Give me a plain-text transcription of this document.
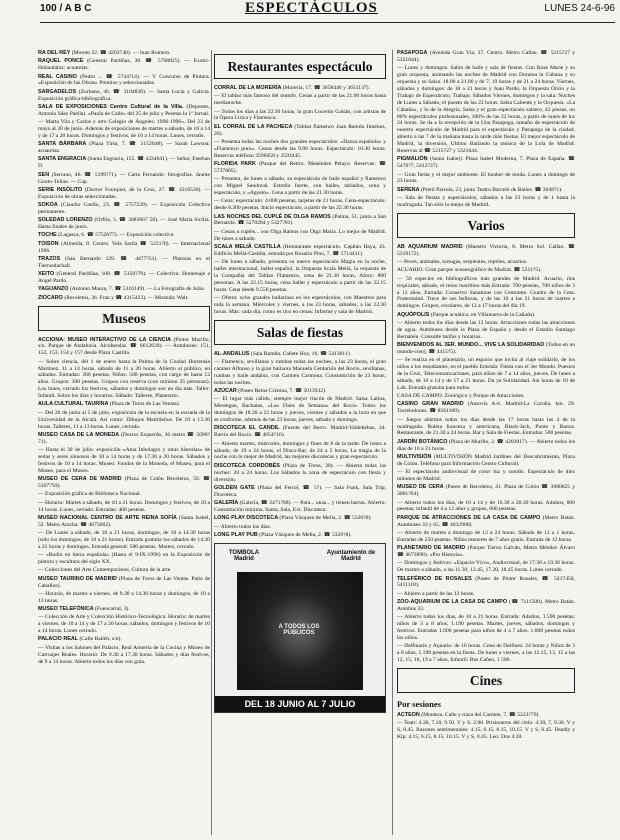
100 / A B C	ESPECTÁCULOS	LUNES 24-6-96

RA DEL REY (Moreto 22. ☎ 4203740). — Juan Romero.

RAQUEL PONCE (General Pardiñas, 30. ☎ 5768825). — Exotic-Holandaluz: acuarelas.

REAL CASINO (Pedro ... ☎ 5744?14). — V Concurso de Pintura. «Exposición de las Obras» Premios y seleccionadas.

SARGADELOS (Zurbano, 46. ☎ 3104830). — Santa Lucía y Galicia. Exposición gráfica-bibliográfica.

SALA DE EXPOSICIONES Centro Cultural de la Villa. (Deportes, Antonio Sáez Paella). «Paula de Calle» del 25 de julio y Pesetas la 1ª Jornal.

— Marta Vila y Carlos y otro Colegio de Ángeles: 1996-1996». Del 23 de mayo al 30 de junio. Además de exposiciones de martes a sábado, de 10 a 14 y de 17 a 20 horas. Domingos y festivos, de 10 a 14 horas. Lunes, cerrado.

SANTA BÁRBARA (Plaza Tirsa, 7. ☎ 3152048). — Sarah Lawson: acuarelas.

SANTA ENGRACIA (Santa Engracia, 155. ☎ 4334041). — Señor, Esteban D.

SEN (Serrano, 46. ☎ 5199?71). — Carta Fernando: fotografías. Jaume Gonto-Tellan. — Cap.

SERIE INSÓLITO (Doctor Fourquet, de la Cruz, 27. ☎ 4310520). — Exposición de obras seleccionadas.

SOKOA (Claudio Coello, 23. ☎ 5757239). — Exposición Colectiva permanente.

SOLEDAD LORENZO (Orfila, 5. ☎ 3083667 58). — José María Sicilia. Hasta finales de junio.

TOCHE (Lagasca, 6. ☎ 5752077). — Exposición colectiva.

TOISON (Almeida, 8. Centro. Vela Sarila ☎ 5231?0). — Internacional 1996.

TRAZOS (San Bernardo 129. ☎ 4477?51). — Pinturas en el Tierrasdachall.

XEITO (General Pardiñas, 108. ☎ 5150?70). — Colectiva: Homenaje a Angel Pardo.

YAGUANZO (Antonio Maura, 7. ☎ 5316149). — La Fotografía de Julio.

ZIOCARO (Recoletos, 36. Fran y ☎ 4315423). — Miranda; Walt.

Museos

ACCIONA: MUSEO INTERACTIVO DE LA CIENCIA (Pintor Murillo, s/n. Parque de Andalucía. Alcobendas. ☎ 6612639). — Autobuses: 151, 152, 153, 154 y 157 desde Plaza Castilla.

— Sobre ciencia, del 1 de enero hasta la Palma de la Ciudad Hortensia Martínez. 11 a 14 horas, sábado de 11 a 20 horas. Abierto al público, en sábados. Entradas: 300 pesetas. Niños: 500 pesetas, con cargo de hasta 12 años. Grupos: 300 pesetas. Grupos con reserva (con mínimo 25 personas). Los lunes, cerrado los festivos, sábados y domingos son un día más. Taller: Infantil. Sobre los días y horarios. Sábado: Talleres, Planetario.

AULA CULTURAL TAURINA (Plaza de Toros de Las Ventas).

— Del 20 de junio al 5 de julio, exposición de la escuela en la escuela de la Universidad de la Alcalá. Así como: Dibujos Madrileños. De 10 a 13.30 horas. Talleres, 11 a 13 horas. Lunes, cerrado.

MUSEO CASA DE LA MONEDA (Doctor Esquerdo, 36 metro ☎ 5096?71).

— Hasta el 30 de julio: exposición «Ama Inbolagro y otras historias» de sedas y seres sinuosos de 10 a 14 horas y de 17.30 a 20 horas. Sábados y festivos de 10 a 14 horas. Museo: Fondos de la Moneda, el Museo, para el Museo, para el Museo.

MUSEO DE CERA DE MADRID (Plaza de Colón Recoletos, 50. ☎ 5107793).

— Exposición gráfica de Biblioteca Nacional.

— Horario: Martes a sábado, de 10 a 21 horas. Domingos y festivos, de 10 a 14 horas. Lunes, cerrado. Entradas: 400 pesetas.

MUSEO NACIONAL CENTRO DE ARTE REINA SOFÍA (Santa Isabel, 52. Metro Atocha. ☎ 4675062).

— De Lunes a sábado, de 10 a 21 horas, domingos, de 10 a 14.30 horas (sólo los domingos, de 10 a 21 horas). Entrada gratuita los sábados de 14.30 a 21 horas y domingos. Entrada general: 500 pesetas. Martes, cerrado.

— «Rodin en tierra española» (Hasta el 9-IX-1996) en la Exposición de pintura y escultura del siglo XX.

— Colecciones del Arte Contemporáneo, Cultura de la arte.

MUSEO TAURINO DE MADRID (Plaza de Toros de Las Ventas. Patio de Caballos).

— Horario, de martes a viernes, de 9.30 a 14.30 horas y domingos, de 10 a 13 horas.

MUSEO TELEFÓNICA (Fuencarral, 3).

— Colección de Arte y Colección Histórico-Tecnológica. Horario: de martes a viernes, de 10 a 14 y de 17 a 20 horas; sábados, domingos y festivos de 10 a 14 horas. Lunes cerrado.

PALACIO REAL (Calle Bailén, s/n).

— Visitas a los Salones del Palacio, Real Armería de la Cocina y Museo de Carruajes Reales. Horario: De 9.30 a 17.30 horas. Sábados y días festivos, de 9 a 14 horas. Abierto todos los días con guía.

Restaurantes espectáculo

CORRAL DE LA MORERÍA (Morería, 17. ☎ 3658446 y 3651137).

— El tablao más famoso del mundo. Cenas a partir de las 21.00 horas hasta medianoche.

— Todos los días a las 22.30 horas, la gran Lucerito Gaitán, con artistas de la Ópera Lírica y Flamenca.

EL CORRAL DE LA PACHECA (Tablao flamenco Juan Ramón Jiménez, 26).

— Presenta todas las noches dos grandes espectáculos: «Danza española» y «Flamenco puro». Cenas desde las 9.00 horas. Espectáculo: 10.30 horas. Reservas teléfono 3590458 y 3593445.

FLORIDA PARK (Parque del Retiro. Menéndez Pelayo. Reservas: ☎ 5737805).

— Presenta, de lunes a sábado, su espectáculo de baile español y flamenco con Miguel Sandoval. Estrella fuerte, con bailes, tablados, cena y espectáculo, y «Agosto». Cena a partir de las 21.30 horas.

— Cena: espectáculo: 4.000 pesetas, tarjetas de 21 horas. Cena-espectáculo: desde 8.300 pesetas. Inicio espectáculo, a partir de las 22.30 horas.

LAS NOCHES DEL CUPLÉ DE OLGA RAMOS (Palma, 51, junto a San Bernardo. ☎ 5270284 y 5327?81).

— Cenas a cuplés... con Olga Ramos con Olga María. Lo mejor de Madrid. De lunes a sábado.

SCALA MELIÁ CASTILLA (Restaurante espectáculo. Capitán Haya, 43. Edificio Meliá-Castilla, entrada por Rosario Pino, 7. ☎ 5714411).

— De lunes a sábado, presenta su nuevo espectáculo Magia en la noche, ballet internacional, ballet español, la Orquesta Scala Meliá, la orquesta de la Compañía del Tablao Flamenco, cena de 21.30 horas, Aforo: 800 personas. A las 22.15 horas, cena ballet y espectáculo a partir de las 22.15 horas. Cena desde 9.550 pesetas.

— Oferta: ocho grandes bailarinas en los espectáculos, con Maestros para toda la semana. Miércoles y viernes, a las 23 horas, sábados, a las 22.30 horas. Más: cada día, como es rico en cenas: Informe y sala de Madrid.

Salas de fiestas

AL-ANDALUS (Sala Rumba. Cañete Hoy, 16, ☎ 5413011).

— Flamenco, sevillanas y rumbas todas las noches, a las 23 horas, el gran cantaor Alfonso y la gran bailaora Manuela Centurión del Rocío, sevillanas, rumbas y baile andaluz, con Carmen Carmona. Consumición de 23 horas, todas las noches.

AZÚCAR (Paseo Reina Cristina, 7. ☎ 5013932).

— El lugar más cálido, siempre mejor rincón de Madrid. Salsa Latina, Merengue, Bachatas, «Los Fines de Semana» del Rocío. Todos los domingos de 18.30 a 22 horas y jueves, viernes y sábados a la hora en que se conforme, además de las 23 horas, jueves, sábado y domingo.

DISCOTECA EL CANDIL (Fuente del Berro. Madrid-Valdebebas, 24. Barrio del Rocío. ☎ 4054?16).

— Abierto martes, miércoles, domingos y fines de 8 de la tarde. De lunes a sábado, de 19 a 24 horas, el Disco-Bar, de 24 a 5 horas, La magia de la noche con lo mejor de Madrid, las mejores discotecas y gran espectáculo.

DISCOTECA CORDOBÉS (Plaza de Toros, 30). — Abierta todas las noches: 20 a 24 horas. Los Sábados la zona de espectáculo con fiesta y diversión.

GOLDEN GATE (Plaza del Ferrol, ☎ 5?). — Sala Funk, Sala Trip, Discoteca.

GALERÍA (Galería, ☎ 2471?98). — Para... unas... y tienen barras. Abierto: Consumición mínima, Santa, Sala, Ext. Discoteca.

LONG PLAY DISCOTECA (Plaza Vázquez de Mella, 2. ☎ 5320?8).

— Abierto todos los días.

LONG PLAY PUB (Plaza Vázquez de Mella, 2. ☎ 5320?8).

TOMBOLA Madrid
Ayuntamiento de Madrid
A TODOS LOS PÚBLICOS
DEL 18 JUNIO AL 7 JULIO

PASAPOGA (Avenida Gran Vía, 37. Centro. Metro Callao. ☎ 5215?27 y 5321644).

— Lunes y domingos. Salón de baile y sala de fiestas. Con Rose Marie y su gran orquesta, animando las noches de Madrid con Dorama la Cubana y su orquesta y su Salsa. 18.00 a 21.00 y de 7, 19 horas y de 21 a 24 horas. Viernes, sábados y domingos: de 18 a 21 horas y Juan Pardo, la Orquesta Orión y la Trabajo de Espectáculo, Trabajo. Sábados Viernes, domingos y la sala: Noches de Lunes a Sábado, el puesto de las 22 horas. Salsa Caliente y la Orquesta. «La Cabaña», y lo de la Alegría, Salsa y el gran espectáculo salsero, 42 piezas, un 80% espectáculos profesionales, 100% de las 22 horas, a partir de lunes de los 24 horas. Se da a la recepción de la Una Pasapoga, tamaño de espectáculo de nuestro espectáculo de Madrid para el espectáculo y Pasapoga de la ciudad, abierto a las 7 de la mañana hasta la tarde más fiestas. El mejor espectáculo de Madrid, la diversión, Ultimo Bailando la música de la Lola de Madrid. Reservas al ☎ 5215?27 y 5321644.

PIGMALIÓN (Santa Isabel). Plaza Isabel Moderna, 7. Plaza de España. ☎ 5478?7, 5412?37).

— Gran fiesta y el mejor ambiente. El bunker de moda. Lunes a domingo de 23 horas.

SERENA (Pretil Parcela, 23, junto Teatro Barceló de Bailes. ☎ 3048?1).

— Sala de fiestas y espectáculos, sábados a las 23 horas y de 1 hasta la madrugada. Tan sólo la mejor de Madrid.

Varios

AB AQUARIUM MADRID (Maestro Victoria, 8. Metro Sol. Callao. ☎ 5319172).

— Peces, animales, tortugas, serpientes, reptiles, acuarios.

ACUARIO. Gran parque oceanográfico de Madrid. ☎ 5311?5).

— 50 especies en bibliográficos más grandes de Madrid. Acuario, ríos tropicales, sábado, el reino marítimo más Entrada: 700 pesetas, 700 niños de 3 a 12 años. Entrada: Conservo Sanaturas con Centrante. Cuadro de la Ceta. Fraternidad. Trece de sus bellezas, y de las 10 a las 21 horas de martes a domingos. Grupos, escolares, de 12 a 17 horas del día 19.

AQUÓPOLIS (Parque acuático, en Villanueva de la Cañada).

— Abierto todos los días desde las 12 horas. Atracciones todas las atracciones de agua. Autobuses desde la Plaza de España y desde el Estadio Santiago Bernabéu. Consulte tarifas y horarios.

BIENVENIDOS AL 3ER. MUNDO... VIVE LA SOLIDARIDAD (Todos en un mundo-cien), ☎ 4415?5).

— Se realiza en el planetario, un espacio que invita al viaje solidario, de los niños a los estudiantes, en el pueblo Entrada: Fiesta con el 3er Mundo. Puestos de la Cruz, Telecomunicaciones, para niños de 7 a 14 años, jueves. De lunes a sábado, de 10 a 14 y de 17 a 21 horas. Da ya Solidaridad. Así horas de 10 de Lab. Entrada gratuita para todos.

CASA DE CAMPO. Zoológico y Parque de Atracciones.

CASINO GRAN MADRID (Autovía A-6. Madrid-La Coruña, km. 29. Torrelodones. ☎ 8561100).

— Juegos abiertos todos los días desde las 17 horas hasta las 4 de la madrugada. Ruleta francesa y americana, Black-Jack, Punto y Banca. Restaurante, de 21.30 a 24 horas. Bar y Sala de Fiestas. Entradas: 500 pesetas.

JARDÍN BOTÁNICO (Plaza de Murillo, 2. ☎ 4203017). — Abierto todos los días de 10 a 21 horas.

MULTIVISIÓN (MULTIVISIÓN Madrid Jardines del Descubrimiento, Plaza de Colón. Teléfono para Información Centro Cultural).

— El espectáculo audiovisual de color luz y sonido. Espectáculo de diez minutos de Madrid.

MUSEO DE CERA (Paseo de Recoletos, 41. Plaza de Colón ☎ 3080825 y 3081?94).

— Abierto todos los días, de 10 a 14 y de 16.30 a 20.30 horas. Adultos, 800 pesetas; infantil de 4 a 12 años y grupos, 600 pesetas.

PARQUE DE ATRACCIONES DE LA CASA DE CAMPO (Metro Batán. Autobuses 33 y 65. ☎ 4632900).

— Abierto de martes a domingo de 12 a 24 horas. Sábado de 12 a 1 horas. Entradas de 250 pesetas. Niños menores de 7 años gratis. Entrada de 12 horas.

PLANETARIO DE MADRID (Parque Tierno Galván, Metro Méndez Álvaro ☎ 4673898). «Pro Historia».

— Domingos y festivos: «Espacio-Vivo», Audiovisual, de 17.30 a 19.30 horas. De martes a sábado, a las 11.30, 12.45, 17.30, 18.45 horas. Lunes cerrado.

TELEFÉRICO DE ROSALES (Paseo de Pintor Rosales, ☎ 5417450, 5411118).

— Abierto a partir de las 12 horas.

ZOO-AQUARIUM DE LA CASA DE CAMPO (☎ 7111500). Metro Batán. Autobús 33.

— Abierto todos los días, de 10 a 21 horas. Entrada: Adultos, 1.590 pesetas; niños de 3 a 8 años, 1.190 pesetas. Martes, jueves, sábados, domingos y festivos. Entradas 1.000 pesetas para niños de 4 a 7 años. 1.000 pesetas todos los niños.

— Delfinario y Aquario: de 10 horas. Cena de Delfines: 24 horas y Niños de 3 a 8 años, 1.190 pesetas en la fiesta. De lunes a viernes, a las 12.15, 13, 15 a las 12, 15, 18, 19 a 7 años, Infantil: Bus Cañeo, 1 500.

Cines
Por sesiones

ACTEON (Montera. Calle y traza del Carmen, 7. ☎ 5223?70).

— Teatr: 4.30, 7.10, 9.50. V y S: 2.00. Prisioneros del cielo: 4.30, 7, 9.30. V y S, 0.45. Razones sentimentales: 4.15, 6.15, 8.15, 10.15. V y S, 0.45. Deadly y Kip: 4.15, 6.15, 8.15, 10.15. V y S, 0.45. Leo: Dos 4.30.
